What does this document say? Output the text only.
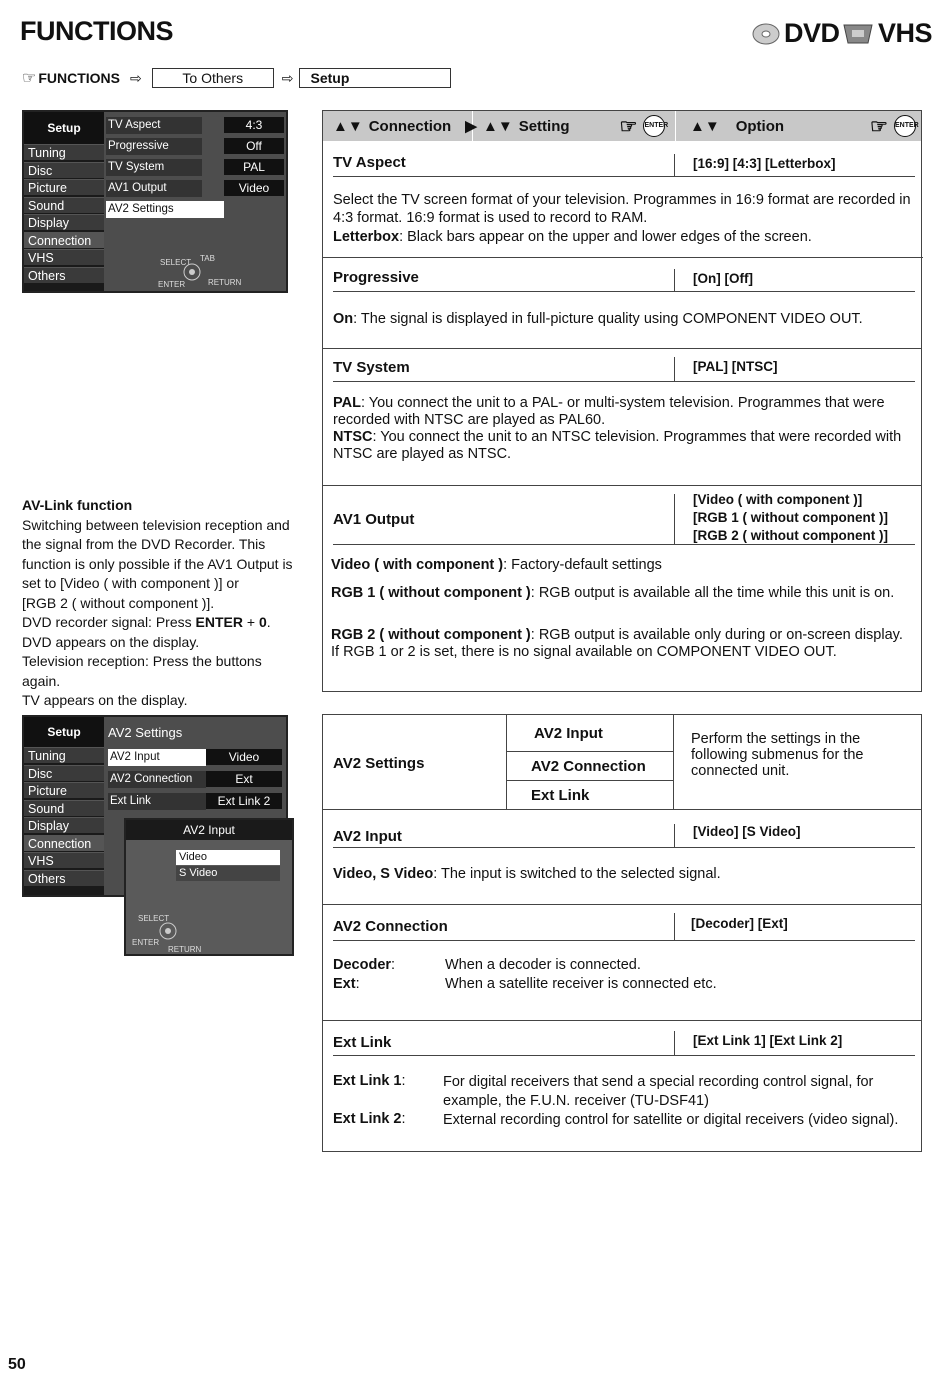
FUNCTIONS	DVD VHS
☞ FUNCTIONS ⇨	To Others	⇨	Setup
Setup
Tuning
Disc
Picture
Sound
Display
Connection
VHS
Others
TV Aspect	4:3
Progressive	Off
TV System	PAL
AV1 Output	Video
AV2 Settings
SELECT TAB
ENTER	RETURN
▲▼ Connection ▶ ▲▼ Setting	☞ ENTER ▲▼ Option	☞ ENTER
TV Aspect	[16:9] [4:3] [Letterbox]
Select the TV screen format of your television. Programmes in 16:9 format are recorded in 4:3 format. 16:9 format is used to record to RAM.
Letterbox: Black bars appear on the upper and lower edges of the screen.
Progressive	[On] [Off]
On: The signal is displayed in full-picture quality using COMPONENT VIDEO OUT.
TV System	[PAL] [NTSC]
PAL: You connect the unit to a PAL- or multi-system television. Programmes that were recorded with NTSC are played as PAL60.
NTSC: You connect the unit to an NTSC television. Programmes that were recorded with NTSC are played as NTSC.
AV1 Output
[Video ( with component )]
[RGB 1 ( without component )]
[RGB 2 ( without component )]
Video ( with component ): Factory-default settings
RGB 1 ( without component ): RGB output is available all the time while this unit is on.
RGB 2 ( without component ): RGB output is available only during or on-screen display.
If RGB 1 or 2 is set, there is no signal available on COMPONENT VIDEO OUT.
AV-Link function
Switching between television reception and
the signal from the DVD Recorder. This
function is only possible if the AV1 Output is
set to [Video ( with component )] or
[RGB 2 ( without component )].
DVD recorder signal: Press ENTER + 0.
DVD appears on the display.
Television reception: Press the buttons again.
TV appears on the display.
Setup
Tuning
Disc
Picture
Sound
Display
Connection
VHS
Others
AV2 Settings
AV2 Input	Video
AV2 Connection	Ext
Ext Link	Ext Link 2
AV2 Input
Video
S Video
SELECT
ENTER
RETURN
AV2 Settings
AV2 Input
AV2 Connection
Ext Link
Perform the settings in the following submenus for the connected unit.
AV2 Input	[Video] [S Video]
Video, S Video: The input is switched to the selected signal.
AV2 Connection	[Decoder] [Ext]
Decoder:	When a decoder is connected.
Ext:	When a satellite receiver is connected etc.
Ext Link	[Ext Link 1] [Ext Link 2]
Ext Link 1:	For digital receivers that send a special recording control signal, for example, the F.U.N. receiver (TU-DSF41)
Ext Link 2:	External recording control for satellite or digital receivers (video signal).
50
